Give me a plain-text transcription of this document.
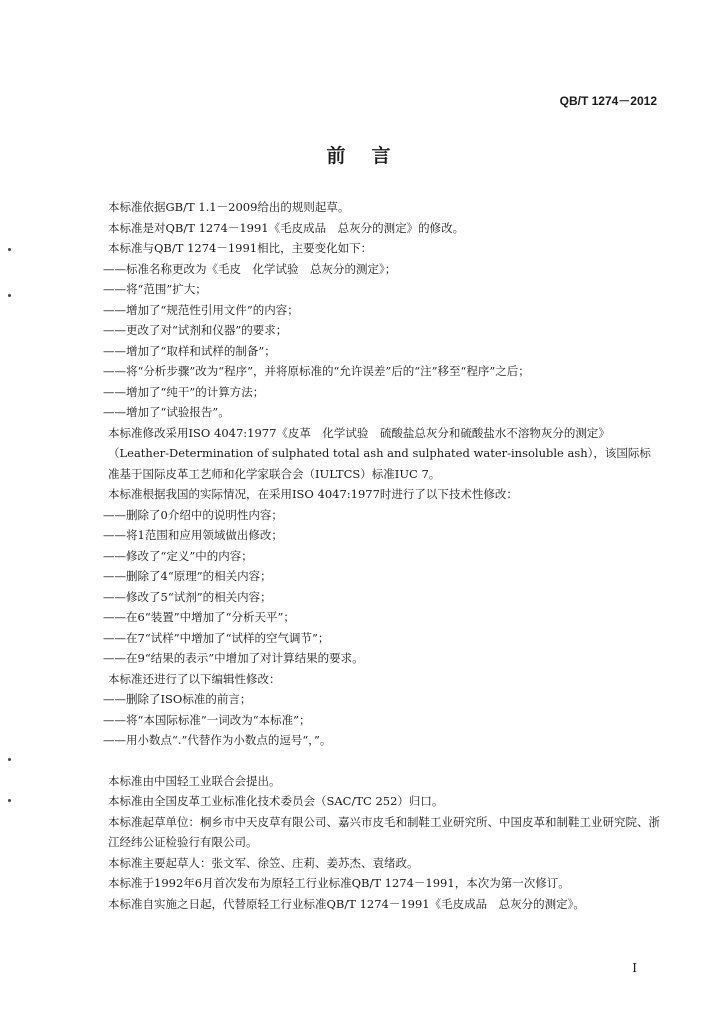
QB/T 1274－2012
前言

本标准依据GB/T 1.1－2009给出的规则起草。

本标准是对QB/T 1274－1991《毛皮成品　总灰分的测定》的修改。

本标准与QB/T 1274－1991相比，主要变化如下：

——标准名称更改为《毛皮　化学试验　总灰分的测定》；

——将“范围”扩大；

——增加了“规范性引用文件”的内容；

——更改了对“试剂和仪器”的要求；

——增加了“取样和试样的制备”；

——将“分析步骤”改为“程序”，并将原标准的“允许误差”后的“注”移至“程序”之后；

——增加了“纯干”的计算方法；

——增加了“试验报告”。

本标准修改采用ISO 4047:1977《皮革　化学试验　硫酸盐总灰分和硫酸盐水不溶物灰分的测定》（Leather-Determination of sulphated total ash and sulphated water-insoluble ash），该国际标准基于国际皮革工艺师和化学家联合会（IULTCS）标准IUC 7。

本标准根据我国的实际情况，在采用ISO 4047:1977时进行了以下技术性修改：

——删除了0介绍中的说明性内容；

——将1范围和应用领域做出修改；

——修改了“定义”中的内容；

——删除了4“原理”的相关内容；

——修改了5“试剂”的相关内容；

——在6“装置”中增加了“分析天平”；

——在7“试样”中增加了“试样的空气调节”；

——在9“结果的表示”中增加了对计算结果的要求。

本标准还进行了以下编辑性修改：

——删除了ISO标准的前言；

——将“本国际标准”一词改为“本标准”；

——用小数点“.”代替作为小数点的逗号“，”。

本标准由中国轻工业联合会提出。

本标准由全国皮革工业标准化技术委员会（SAC/TC 252）归口。

本标准起草单位：桐乡市中天皮草有限公司、嘉兴市皮毛和制鞋工业研究所、中国皮革和制鞋工业研究院、浙江经纬公证检验行有限公司。

本标准主要起草人：张文军、徐笠、庄莉、姜苏杰、袁绪政。

本标准于1992年6月首次发布为原轻工行业标准QB/T 1274－1991，本次为第一次修订。

本标准自实施之日起，代替原轻工行业标准QB/T 1274－1991《毛皮成品　总灰分的测定》。

I
